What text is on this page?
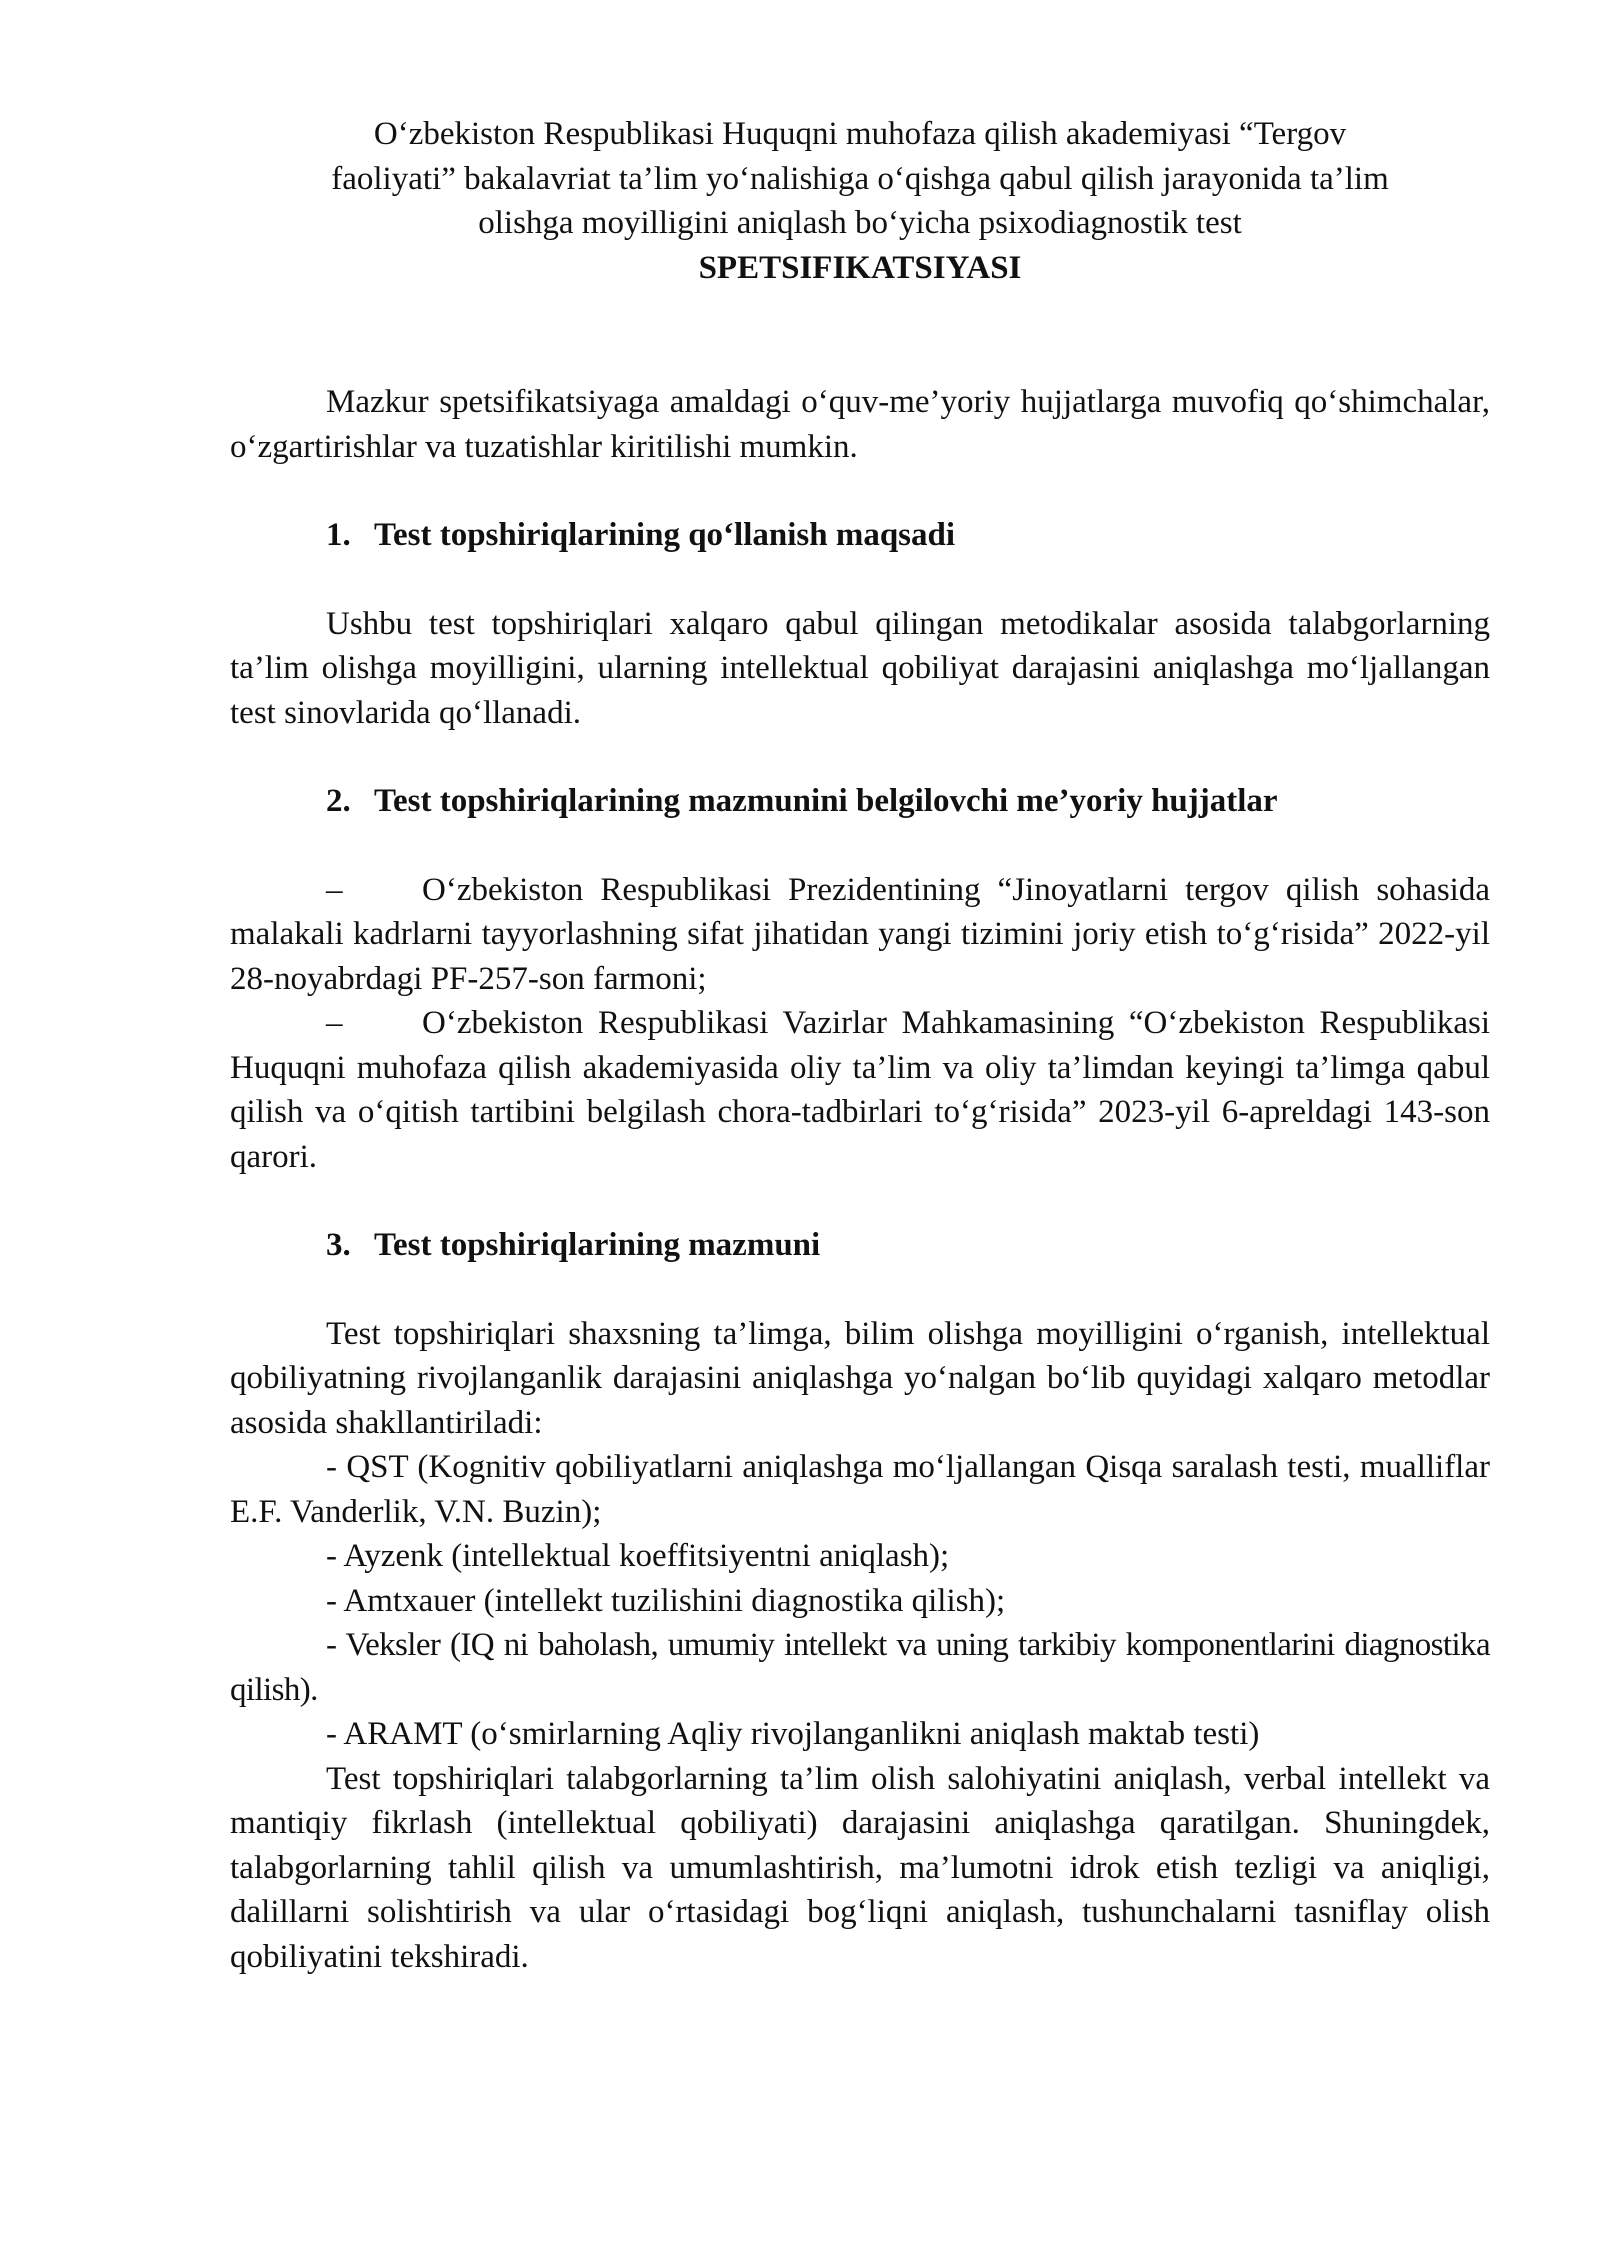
O‘zbekiston Respublikasi Huquqni muhofaza qilish akademiyasi “Tergov
faoliyati” bakalavriat ta’lim yo‘nalishiga o‘qishga qabul qilish jarayonida ta’lim
olishga moyilligini aniqlash bo‘yicha psixodiagnostik test
SPETSIFIKATSIYASI

Mazkur spetsifikatsiyaga amaldagi o‘quv-me’yoriy hujjatlarga muvofiq qo‘shimchalar, o‘zgartirishlar va tuzatishlar kiritilishi mumkin.

1. Test topshiriqlarining qo‘llanish maqsadi

Ushbu test topshiriqlari xalqaro qabul qilingan metodikalar asosida talabgorlarning ta’lim olishga moyilligini, ularning intellektual qobiliyat darajasini aniqlashga mo‘ljallangan test sinovlarida qo‘llanadi.

2. Test topshiriqlarining mazmunini belgilovchi me’yoriy hujjatlar

– O‘zbekiston Respublikasi Prezidentining “Jinoyatlarni tergov qilish sohasida malakali kadrlarni tayyorlashning sifat jihatidan yangi tizimini joriy etish to‘g‘risida” 2022-yil 28-noyabrdagi PF-257-son farmoni;

– O‘zbekiston Respublikasi Vazirlar Mahkamasining “O‘zbekiston Respublikasi Huquqni muhofaza qilish akademiyasida oliy ta’lim va oliy ta’limdan keyingi ta’limga qabul qilish va o‘qitish tartibini belgilash chora-tadbirlari to‘g‘risida” 2023-yil 6-apreldagi 143-son qarori.

3. Test topshiriqlarining mazmuni

Test topshiriqlari shaxsning ta’limga, bilim olishga moyilligini o‘rganish, intellektual qobiliyatning rivojlanganlik darajasini aniqlashga yo‘nalgan bo‘lib quyidagi xalqaro metodlar asosida shakllantiriladi:

- QST (Kognitiv qobiliyatlarni aniqlashga mo‘ljallangan Qisqa saralash testi, mualliflar E.F. Vanderlik, V.N. Buzin);

- Ayzenk (intellektual koeffitsiyentni aniqlash);

- Amtxauer (intellekt tuzilishini diagnostika qilish);

- Veksler (IQ ni baholash, umumiy intellekt va uning tarkibiy komponentlarini diagnostika qilish).

- ARAMT (o‘smirlarning Aqliy rivojlanganlikni aniqlash maktab testi)

Test topshiriqlari talabgorlarning ta’lim olish salohiyatini aniqlash, verbal intellekt va mantiqiy fikrlash (intellektual qobiliyati) darajasini aniqlashga qaratilgan. Shuningdek, talabgorlarning tahlil qilish va umumlashtirish, ma’lumotni idrok etish tezligi va aniqligi, dalillarni solishtirish va ular o‘rtasidagi bog‘liqni aniqlash, tushunchalarni tasniflay olish qobiliyatini tekshiradi.
